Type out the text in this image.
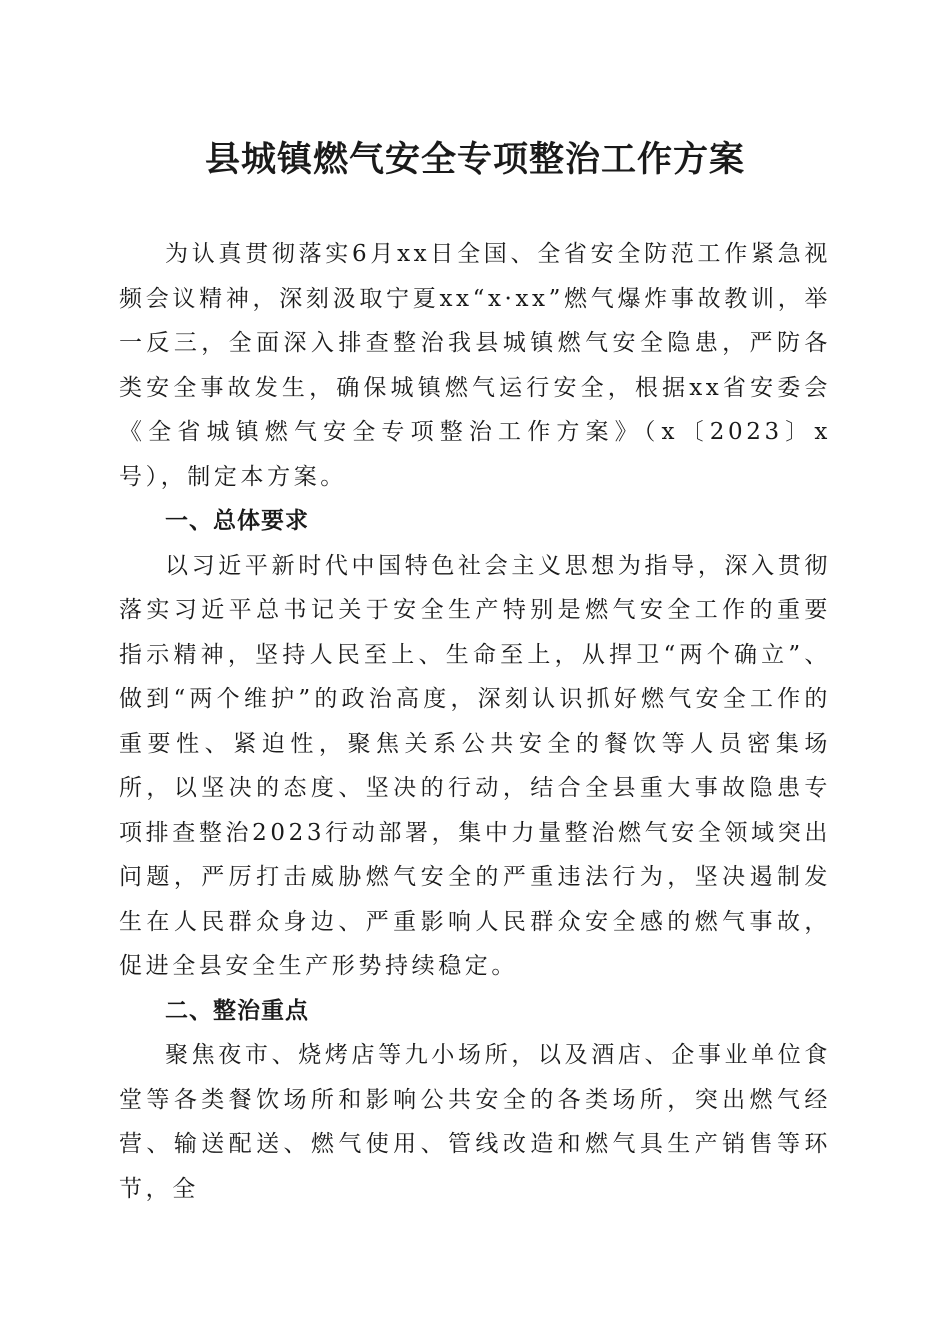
县城镇燃气安全专项整治工作方案

为认真贯彻落实6月xx日全国、全省安全防范工作紧急视频会议精神，深刻汲取宁夏xx“x·xx”燃气爆炸事故教训，举一反三，全面深入排查整治我县城镇燃气安全隐患，严防各类安全事故发生，确保城镇燃气运行安全，根据xx省安委会《全省城镇燃气安全专项整治工作方案》（x〔2023〕x号），制定本方案。

一、总体要求

以习近平新时代中国特色社会主义思想为指导，深入贯彻落实习近平总书记关于安全生产特别是燃气安全工作的重要指示精神，坚持人民至上、生命至上，从捍卫“两个确立”、做到“两个维护”的政治高度，深刻认识抓好燃气安全工作的重要性、紧迫性，聚焦关系公共安全的餐饮等人员密集场所，以坚决的态度、坚决的行动，结合全县重大事故隐患专项排查整治2023行动部署，集中力量整治燃气安全领域突出问题，严厉打击威胁燃气安全的严重违法行为，坚决遏制发生在人民群众身边、严重影响人民群众安全感的燃气事故，促进全县安全生产形势持续稳定。

二、整治重点

聚焦夜市、烧烤店等九小场所，以及酒店、企事业单位食堂等各类餐饮场所和影响公共安全的各类场所，突出燃气经营、输送配送、燃气使用、管线改造和燃气具生产销售等环节，全
